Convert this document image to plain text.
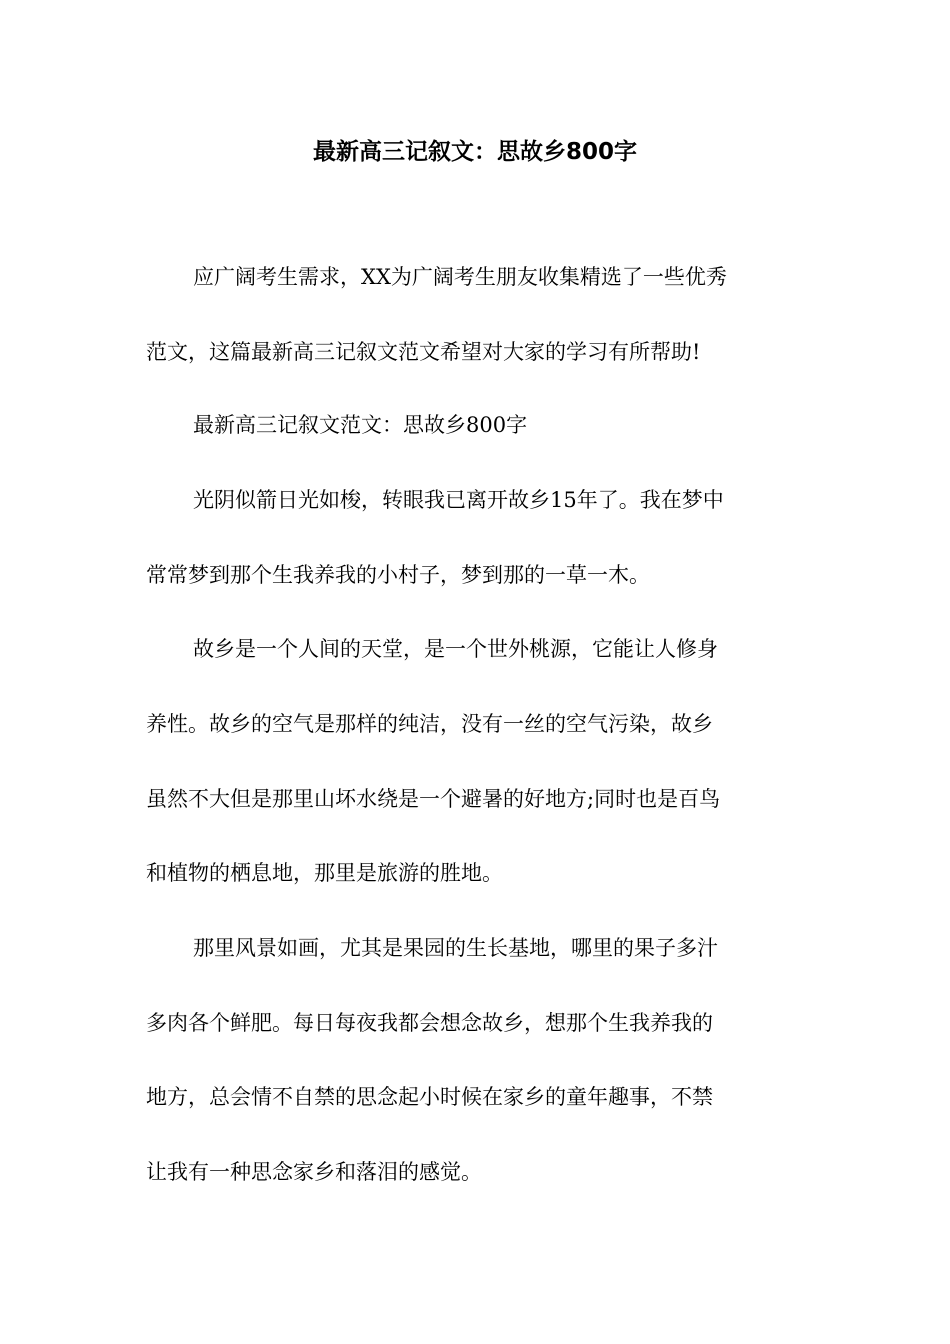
最新高三记叙文：思故乡800字

应广阔考生需求，XX为广阔考生朋友收集精选了一些优秀

范文，这篇最新高三记叙文范文希望对大家的学习有所帮助!

最新高三记叙文范文：思故乡800字

光阴似箭日光如梭，转眼我已离开故乡15年了。我在梦中

常常梦到那个生我养我的小村子，梦到那的一草一木。

故乡是一个人间的天堂，是一个世外桃源，它能让人修身

养性。故乡的空气是那样的纯洁，没有一丝的空气污染，故乡

虽然不大但是那里山坏水绕是一个避暑的好地方;同时也是百鸟

和植物的栖息地，那里是旅游的胜地。

那里风景如画，尤其是果园的生长基地，哪里的果子多汁

多肉各个鲜肥。每日每夜我都会想念故乡，想那个生我养我的

地方，总会情不自禁的思念起小时候在家乡的童年趣事，不禁

让我有一种思念家乡和落泪的感觉。
